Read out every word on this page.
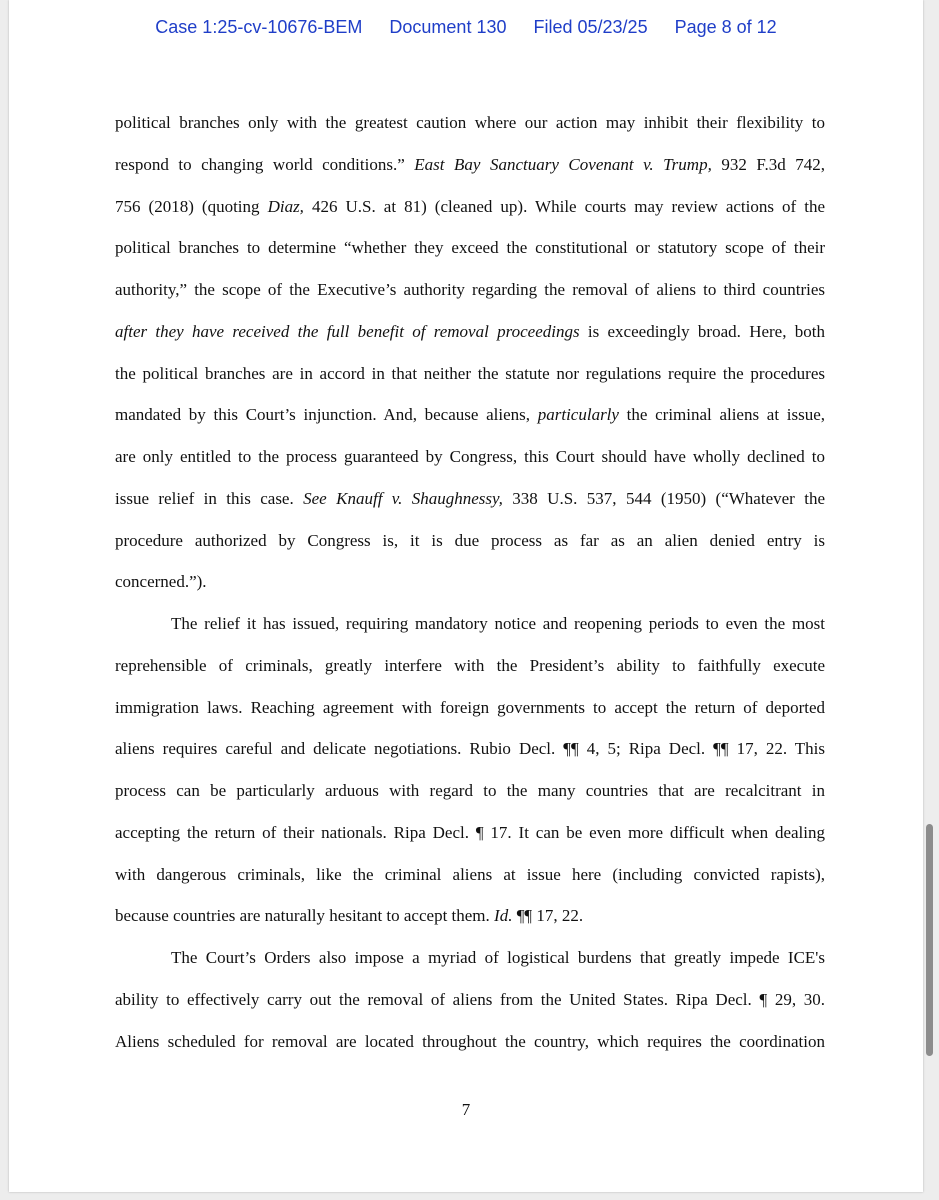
Case 1:25-cv-10676-BEM Document 130 Filed 05/23/25 Page 8 of 12
political branches only with the greatest caution where our action may inhibit their flexibility to
respond to changing world conditions.” East Bay Sanctuary Covenant v. Trump, 932 F.3d 742,
756 (2018) (quoting Diaz, 426 U.S. at 81) (cleaned up). While courts may review actions of the
political branches to determine “whether they exceed the constitutional or statutory scope of their
authority,” the scope of the Executive’s authority regarding the removal of aliens to third countries
after they have received the full benefit of removal proceedings is exceedingly broad. Here, both
the political branches are in accord in that neither the statute nor regulations require the procedures
mandated by this Court’s injunction. And, because aliens, particularly the criminal aliens at issue,
are only entitled to the process guaranteed by Congress, this Court should have wholly declined to
issue relief in this case. See Knauff v. Shaughnessy, 338 U.S. 537, 544 (1950) (“Whatever the
procedure authorized by Congress is, it is due process as far as an alien denied entry is
concerned.”).
The relief it has issued, requiring mandatory notice and reopening periods to even the most
reprehensible of criminals, greatly interfere with the President’s ability to faithfully execute
immigration laws. Reaching agreement with foreign governments to accept the return of deported
aliens requires careful and delicate negotiations. Rubio Decl. ¶¶ 4, 5; Ripa Decl. ¶¶ 17, 22. This
process can be particularly arduous with regard to the many countries that are recalcitrant in
accepting the return of their nationals. Ripa Decl. ¶ 17. It can be even more difficult when dealing
with dangerous criminals, like the criminal aliens at issue here (including convicted rapists),
because countries are naturally hesitant to accept them. Id. ¶¶ 17, 22.
The Court’s Orders also impose a myriad of logistical burdens that greatly impede ICE's
ability to effectively carry out the removal of aliens from the United States. Ripa Decl. ¶ 29, 30.
Aliens scheduled for removal are located throughout the country, which requires the coordination
7
